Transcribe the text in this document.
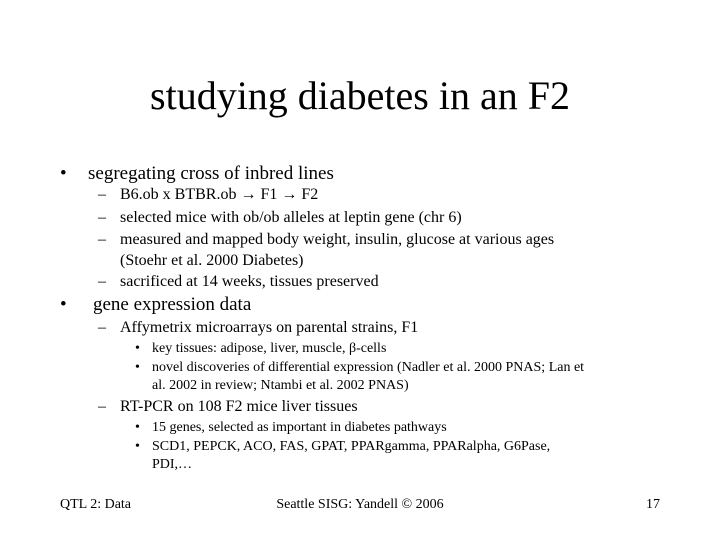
studying diabetes in an F2
• segregating cross of inbred lines
– B6.ob x BTBR.ob → F1 → F2
– selected mice with ob/ob alleles at leptin gene (chr 6)
– measured and mapped body weight, insulin, glucose at various ages
(Stoehr et al. 2000 Diabetes)
– sacrificed at 14 weeks, tissues preserved
• gene expression data
– Affymetrix microarrays on parental strains, F1
• key tissues: adipose, liver, muscle, β-cells
• novel discoveries of differential expression (Nadler et al. 2000 PNAS; Lan et
al. 2002 in review; Ntambi et al. 2002 PNAS)
– RT-PCR on 108 F2 mice liver tissues
• 15 genes, selected as important in diabetes pathways
• SCD1, PEPCK, ACO, FAS, GPAT, PPARgamma, PPARalpha, G6Pase,
PDI,…
QTL 2: Data	Seattle SISG: Yandell © 2006	17
